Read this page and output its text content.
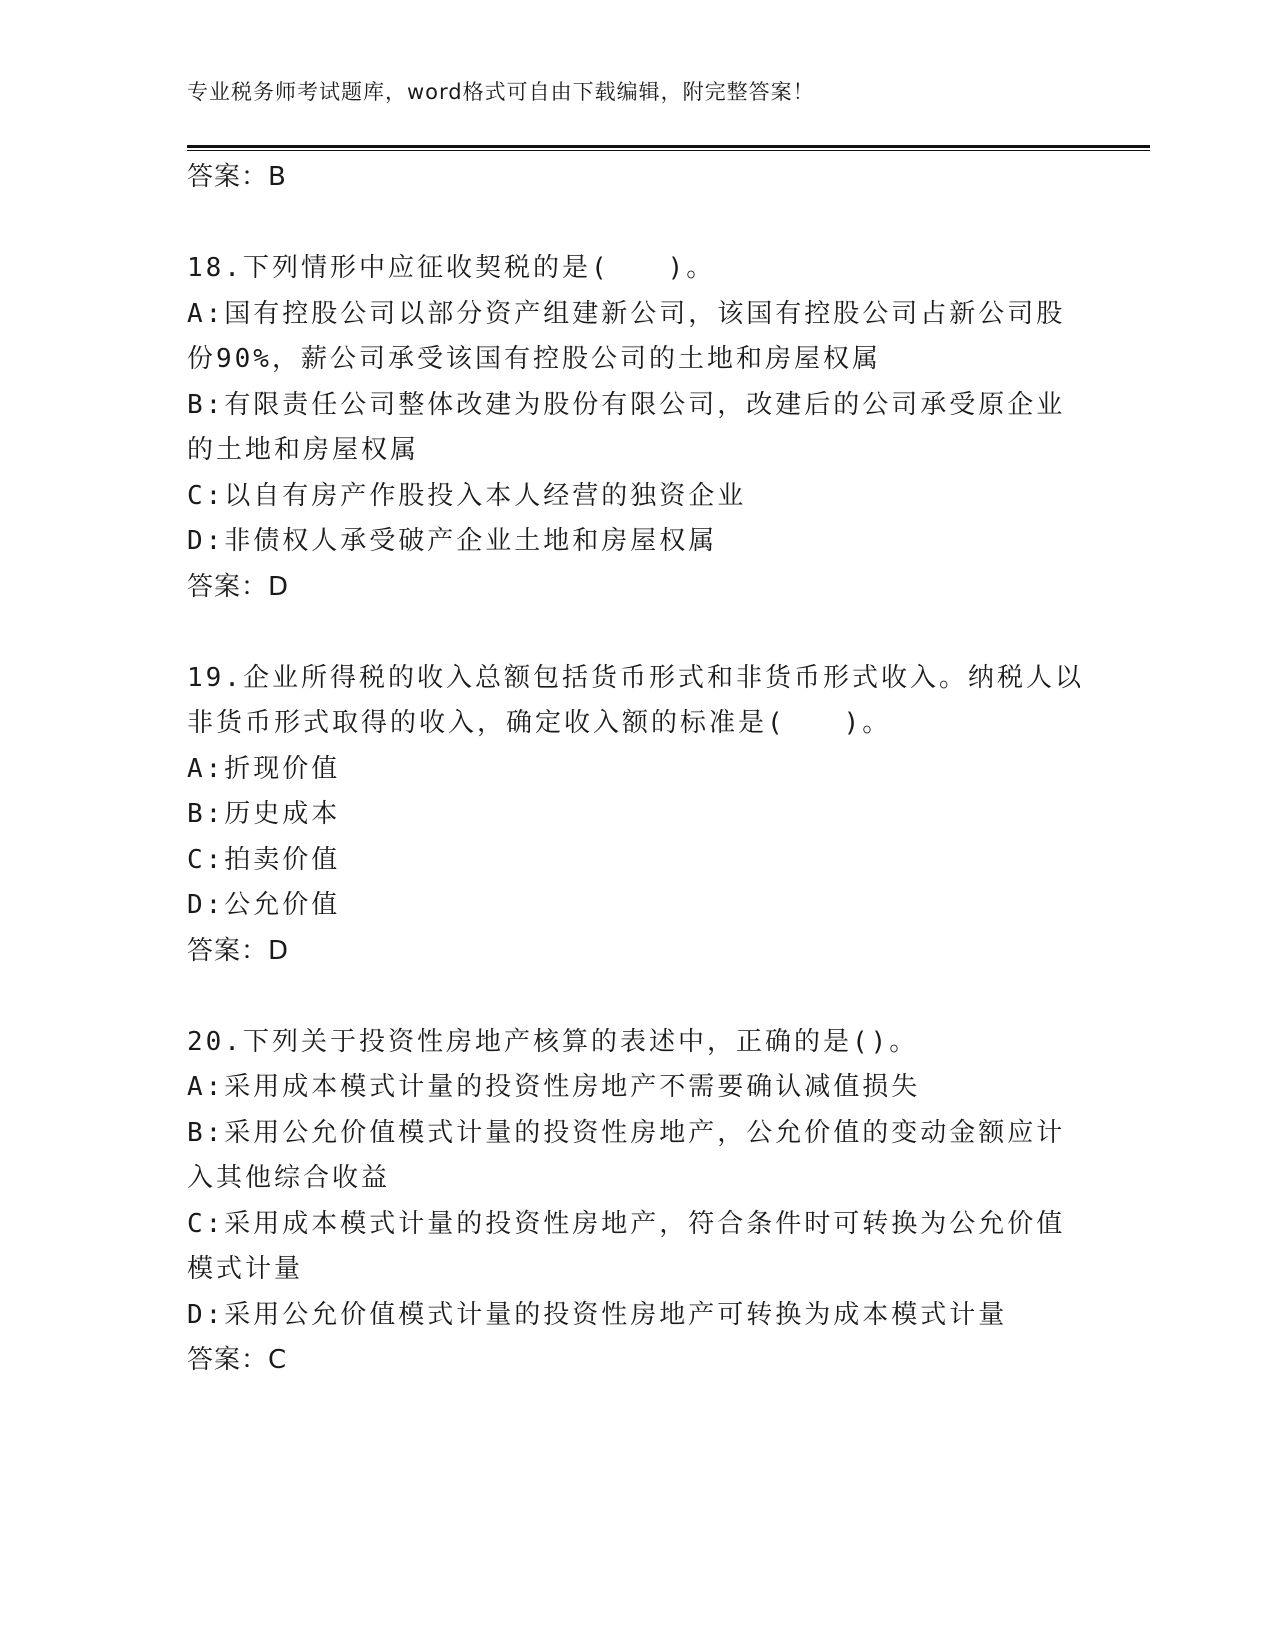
专业税务师考试题库，word格式可自由下载编辑，附完整答案！
答案：B
18.下列情形中应征收契税的是(　　)。
A:国有控股公司以部分资产组建新公司，该国有控股公司占新公司股
份90%，薪公司承受该国有控股公司的土地和房屋权属
B:有限责任公司整体改建为股份有限公司，改建后的公司承受原企业
的土地和房屋权属
C:以自有房产作股投入本人经营的独资企业
D:非债权人承受破产企业土地和房屋权属
答案：D
19.企业所得税的收入总额包括货币形式和非货币形式收入。纳税人以
非货币形式取得的收入，确定收入额的标准是(　　)。
A:折现价值
B:历史成本
C:拍卖价值
D:公允价值
答案：D
20.下列关于投资性房地产核算的表述中，正确的是()。
A:采用成本模式计量的投资性房地产不需要确认减值损失
B:采用公允价值模式计量的投资性房地产，公允价值的变动金额应计
入其他综合收益
C:采用成本模式计量的投资性房地产，符合条件时可转换为公允价值
模式计量
D:采用公允价值模式计量的投资性房地产可转换为成本模式计量
答案：C
